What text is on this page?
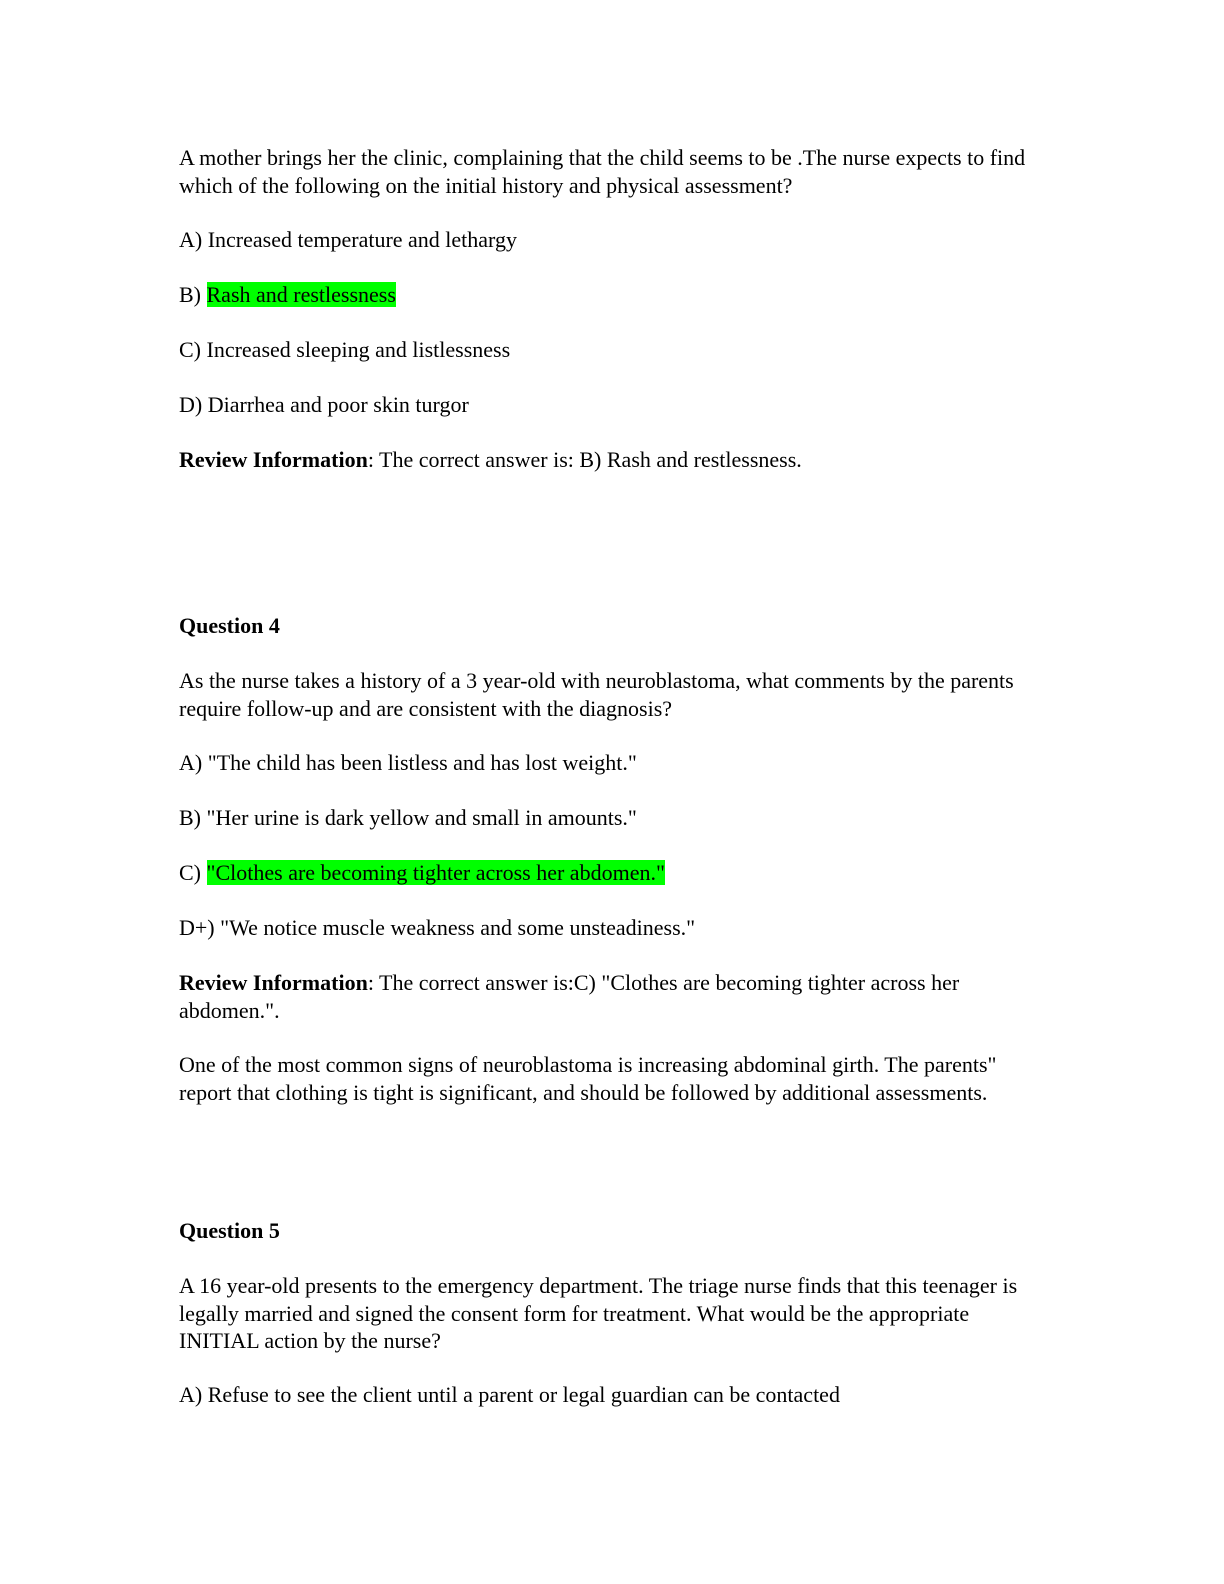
A mother brings her the clinic, complaining that the child seems to be .The nurse expects to find which of the following on the initial history and physical assessment?

A) Increased temperature and lethargy

B) Rash and restlessness

C) Increased sleeping and listlessness

D) Diarrhea and poor skin turgor

Review Information: The correct answer is: B) Rash and restlessness.

Question 4

As the nurse takes a history of a 3 year-old with neuroblastoma, what comments by the parents require follow-up and are consistent with the diagnosis?

A) "The child has been listless and has lost weight."

B) "Her urine is dark yellow and small in amounts."

C) "Clothes are becoming tighter across her abdomen."

D+) "We notice muscle weakness and some unsteadiness."

Review Information: The correct answer is:C) "Clothes are becoming tighter across her abdomen.".

One of the most common signs of neuroblastoma is increasing abdominal girth. The parents" report that clothing is tight is significant, and should be followed by additional assessments.

Question 5

A 16 year-old presents to the emergency department. The triage nurse finds that this teenager is legally married and signed the consent form for treatment. What would be the appropriate INITIAL action by the nurse?

A) Refuse to see the client until a parent or legal guardian can be contacted
